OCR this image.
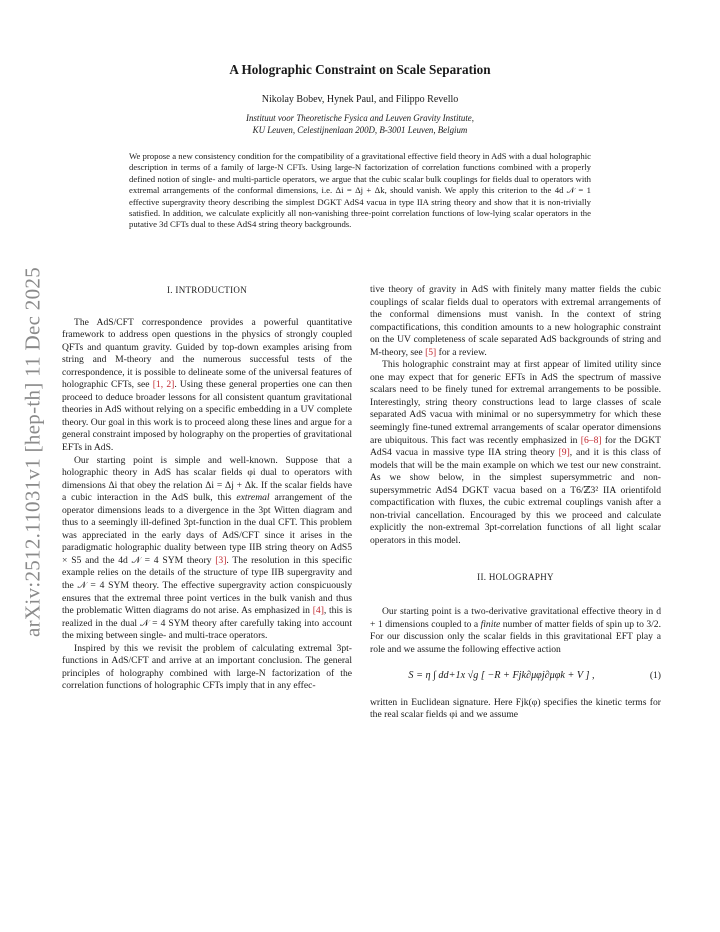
arXiv:2512.11031v1 [hep-th] 11 Dec 2025
A Holographic Constraint on Scale Separation
Nikolay Bobev, Hynek Paul, and Filippo Revello
Instituut voor Theoretische Fysica and Leuven Gravity Institute,
KU Leuven, Celestijnenlaan 200D, B-3001 Leuven, Belgium
We propose a new consistency condition for the compatibility of a gravitational effective field theory in AdS with a dual holographic description in terms of a family of large-N CFTs. Using large-N factorization of correlation functions combined with a properly defined notion of single- and multi-particle operators, we argue that the cubic scalar bulk couplings for fields dual to operators with extremal arrangements of the conformal dimensions, i.e. Δi = Δj + Δk, should vanish. We apply this criterion to the 4d 𝒩 = 1 effective supergravity theory describing the simplest DGKT AdS4 vacua in type IIA string theory and show that it is non-trivially satisfied. In addition, we calculate explicitly all non-vanishing three-point correlation functions of low-lying scalar operators in the putative 3d CFTs dual to these AdS4 string theory backgrounds.
I. INTRODUCTION

The AdS/CFT correspondence provides a powerful quantitative framework to address open questions in the physics of strongly coupled QFTs and quantum gravity. Guided by top-down examples arising from string and M-theory and the numerous successful tests of the correspondence, it is possible to delineate some of the universal features of holographic CFTs, see [1, 2]. Using these general properties one can then proceed to deduce broader lessons for all consistent quantum gravitational theories in AdS without relying on a specific embedding in a UV complete theory. Our goal in this work is to proceed along these lines and argue for a general constraint imposed by holography on the properties of gravitational EFTs in AdS.

Our starting point is simple and well-known. Suppose that a holographic theory in AdS has scalar fields φi dual to operators with dimensions Δi that obey the relation Δi = Δj + Δk. If the scalar fields have a cubic interaction in the AdS bulk, this extremal arrangement of the operator dimensions leads to a divergence in the 3pt Witten diagram and thus to a seemingly ill-defined 3pt-function in the dual CFT. This problem was appreciated in the early days of AdS/CFT since it arises in the paradigmatic holographic duality between type IIB string theory on AdS5 × S5 and the 4d 𝒩 = 4 SYM theory [3]. The resolution in this specific example relies on the details of the structure of type IIB supergravity and the 𝒩 = 4 SYM theory. The effective supergravity action conspicuously ensures that the extremal three point vertices in the bulk vanish and thus the problematic Witten diagrams do not arise. As emphasized in [4], this is realized in the dual 𝒩 = 4 SYM theory after carefully taking into account the mixing between single- and multi-trace operators.

Inspired by this we revisit the problem of calculating extremal 3pt-functions in AdS/CFT and arrive at an important conclusion. The general principles of holography combined with large-N factorization of the correlation functions of holographic CFTs imply that in any effec-

tive theory of gravity in AdS with finitely many matter fields the cubic couplings of scalar fields dual to operators with extremal arrangements of the conformal dimensions must vanish. In the context of string compactifications, this condition amounts to a new holographic constraint on the UV completeness of scale separated AdS backgrounds of string and M-theory, see [5] for a review.

This holographic constraint may at first appear of limited utility since one may expect that for generic EFTs in AdS the spectrum of massive scalars need to be finely tuned for extremal arrangements to be possible. Interestingly, string theory constructions lead to large classes of scale separated AdS vacua with minimal or no supersymmetry for which these seemingly fine-tuned extremal arrangements of scalar operator dimensions are ubiquitous. This fact was recently emphasized in [6–8] for the DGKT AdS4 vacua in massive type IIA string theory [9], and it is this class of models that will be the main example on which we test our new constraint. As we show below, in the simplest supersymmetric and non-supersymmetric AdS4 DGKT vacua based on a T6/ℤ3² IIA orientifold compactification with fluxes, the cubic extremal couplings vanish after a non-trivial cancellation. Encouraged by this we proceed and calculate explicitly the non-extremal 3pt-correlation functions of all light scalar operators in this model.

II. HOLOGRAPHY

Our starting point is a two-derivative gravitational effective theory in d + 1 dimensions coupled to a finite number of matter fields of spin up to 3/2. For our discussion only the scalar fields in this gravitational EFT play a role and we assume the following effective action

S = η ∫ dd+1x √g [ −R + Fjk∂μφj∂μφk + V ] ,	(1)

written in Euclidean signature. Here Fjk(φ) specifies the kinetic terms for the real scalar fields φi and we assume
